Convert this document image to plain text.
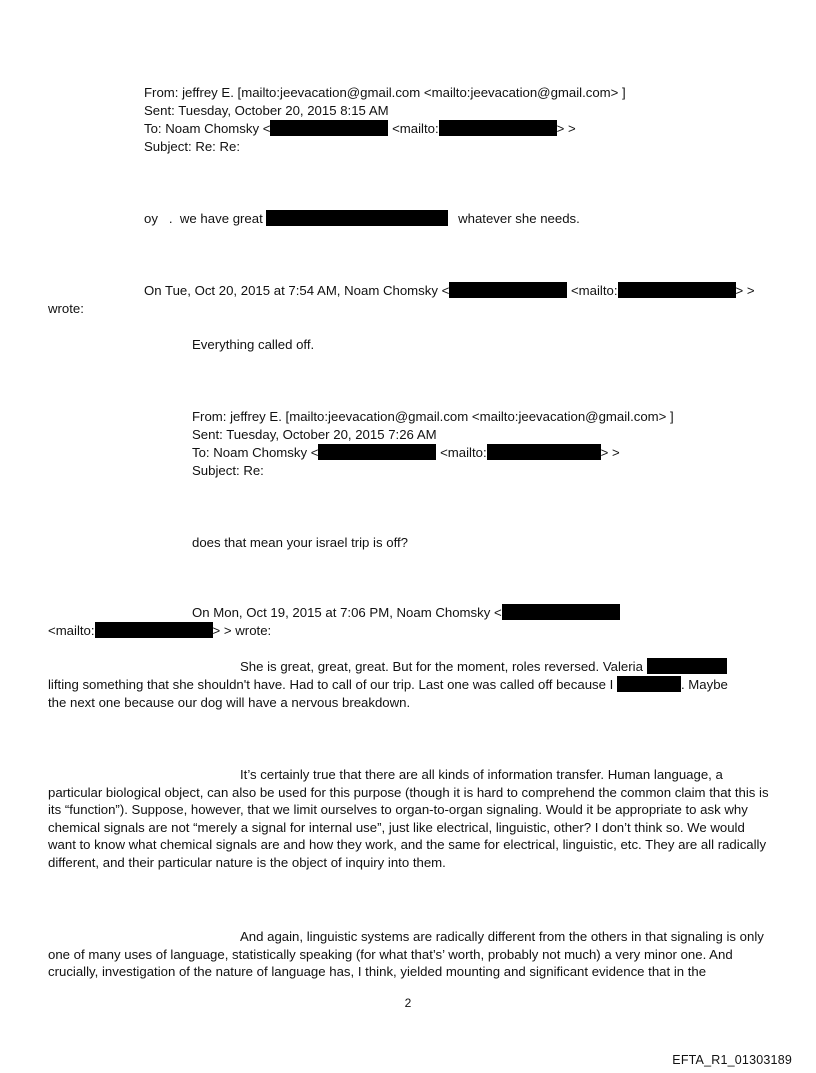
From: jeffrey E. [mailto:jeevacation@gmail.com <mailto:jeevacation@gmail.com> ]
Sent: Tuesday, October 20, 2015 8:15 AM
To: Noam Chomsky <	<mailto:	> >
Subject: Re: Re:
oy   .  we have great	whatever she needs.
On Tue, Oct 20, 2015 at 7:54 AM, Noam Chomsky <	<mailto:	> >
wrote:
Everything called off.
From: jeffrey E. [mailto:jeevacation@gmail.com <mailto:jeevacation@gmail.com> ]
Sent: Tuesday, October 20, 2015 7:26 AM
To: Noam Chomsky <	<mailto:	> >
Subject: Re:
does that mean your israel trip is off?
On Mon, Oct 19, 2015 at 7:06 PM, Noam Chomsky <
<mailto:	> > wrote:
She is great, great, great. But for the moment, roles reversed. Valeria
lifting something that she shouldn't have. Had to call of our trip. Last one was called off because I	. Maybe
the next one because our dog will have a nervous breakdown.
It’s certainly true that there are all kinds of information transfer. Human language, a particular biological object, can also be used for this purpose (though it is hard to comprehend the common claim that this is its “function”). Suppose, however, that we limit ourselves to organ-to-organ signaling. Would it be appropriate to ask why chemical signals are not “merely a signal for internal use”, just like electrical, linguistic, other? I don’t think so. We would want to know what chemical signals are and how they work, and the same for electrical, linguistic, etc. They are all radically different, and their particular nature is the object of inquiry into them.
And again, linguistic systems are radically different from the others in that signaling is only one of many uses of language, statistically speaking (for what that’s’ worth, probably not much) a very minor one. And crucially, investigation of the nature of language has, I think, yielded mounting and significant evidence that in the
2
EFTA_R1_01303189
